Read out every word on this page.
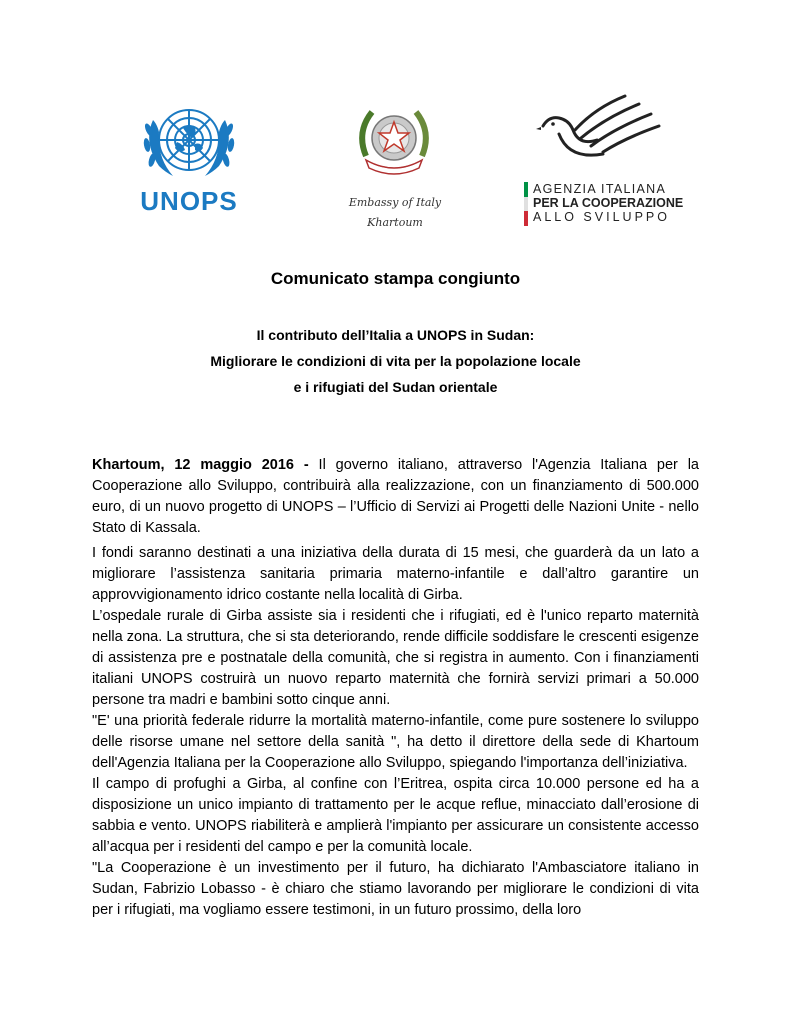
UNOPS	Embassy of Italy
Khartoum
AGENZIA ITALIANA
PER LA COOPERAZIONE
ALLO SVILUPPO
Comunicato stampa congiunto
Il contributo dell’Italia a UNOPS in Sudan:
Migliorare le condizioni di vita per la popolazione locale
e i rifugiati del Sudan orientale

Khartoum, 12 maggio 2016 - Il governo italiano, attraverso l'Agenzia Italiana per la Cooperazione allo Sviluppo, contribuirà alla realizzazione, con un finanziamento di 500.000 euro, di un nuovo progetto di UNOPS – l’Ufficio di Servizi ai Progetti delle Nazioni Unite - nello Stato di Kassala.

I fondi saranno destinati a una iniziativa della durata di 15 mesi, che guarderà da un lato a migliorare l’assistenza sanitaria primaria materno-infantile e dall’altro garantire un approvvigionamento idrico costante nella località di Girba.

L’ospedale rurale di Girba assiste sia i residenti che i rifugiati, ed è l'unico reparto maternità nella zona. La struttura, che si sta deteriorando, rende difficile soddisfare le crescenti esigenze di assistenza pre e postnatale della comunità, che si registra in aumento. Con i finanziamenti italiani UNOPS costruirà un nuovo reparto maternità che fornirà servizi primari a 50.000 persone tra madri e bambini sotto cinque anni.

"E' una priorità federale ridurre la mortalità materno-infantile, come pure sostenere lo sviluppo delle risorse umane nel settore della sanità ", ha detto il direttore della sede di Khartoum dell'Agenzia Italiana per la Cooperazione allo Sviluppo, spiegando l'importanza dell’iniziativa.

Il campo di profughi a Girba, al confine con l’Eritrea, ospita circa 10.000 persone ed ha a disposizione un unico impianto di trattamento per le acque reflue, minacciato dall’erosione di sabbia e vento. UNOPS riabiliterà e amplierà l'impianto per assicurare un consistente accesso all’acqua per i residenti del campo e per la comunità locale.

"La Cooperazione è un investimento per il futuro, ha dichiarato l'Ambasciatore italiano in Sudan, Fabrizio Lobasso - è chiaro che stiamo lavorando per migliorare le condizioni di vita per i rifugiati, ma vogliamo essere testimoni, in un futuro prossimo, della loro
